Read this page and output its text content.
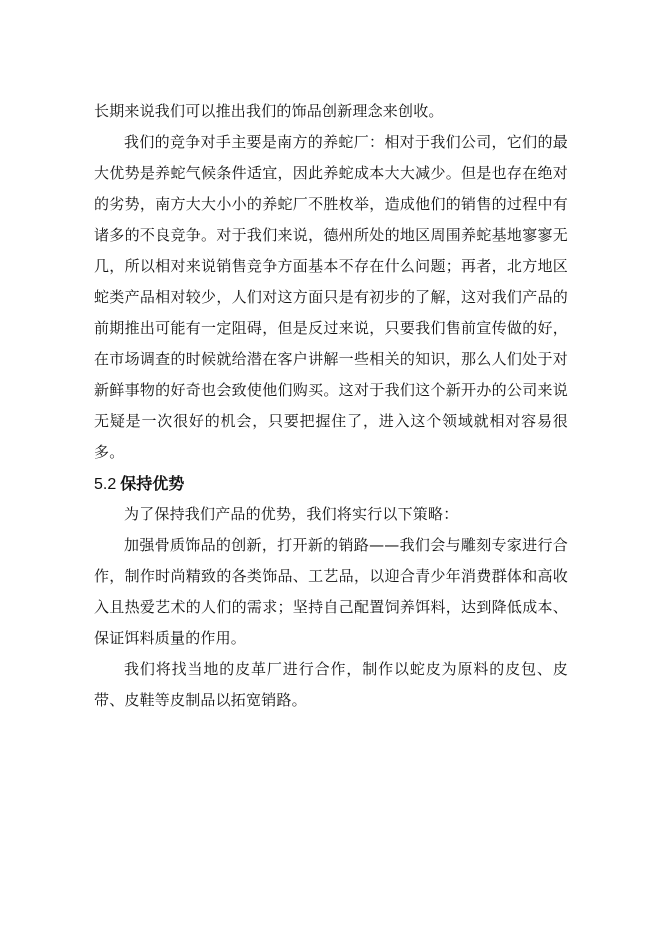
长期来说我们可以推出我们的饰品创新理念来创收。

我们的竞争对手主要是南方的养蛇厂：相对于我们公司，它们的最大优势是养蛇气候条件适宜，因此养蛇成本大大减少。但是也存在绝对的劣势，南方大大小小的养蛇厂不胜枚举，造成他们的销售的过程中有诸多的不良竞争。对于我们来说，德州所处的地区周围养蛇基地寥寥无几，所以相对来说销售竞争方面基本不存在什么问题；再者，北方地区蛇类产品相对较少，人们对这方面只是有初步的了解，这对我们产品的前期推出可能有一定阻碍，但是反过来说，只要我们售前宣传做的好，在市场调查的时候就给潜在客户讲解一些相关的知识，那么人们处于对新鲜事物的好奇也会致使他们购买。这对于我们这个新开办的公司来说无疑是一次很好的机会，只要把握住了，进入这个领域就相对容易很多。

5.2 保持优势

为了保持我们产品的优势，我们将实行以下策略：

加强骨质饰品的创新，打开新的销路——我们会与雕刻专家进行合作，制作时尚精致的各类饰品、工艺品，以迎合青少年消费群体和高收入且热爱艺术的人们的需求；坚持自己配置饲养饵料，达到降低成本、保证饵料质量的作用。

我们将找当地的皮革厂进行合作，制作以蛇皮为原料的皮包、皮带、皮鞋等皮制品以拓宽销路。
